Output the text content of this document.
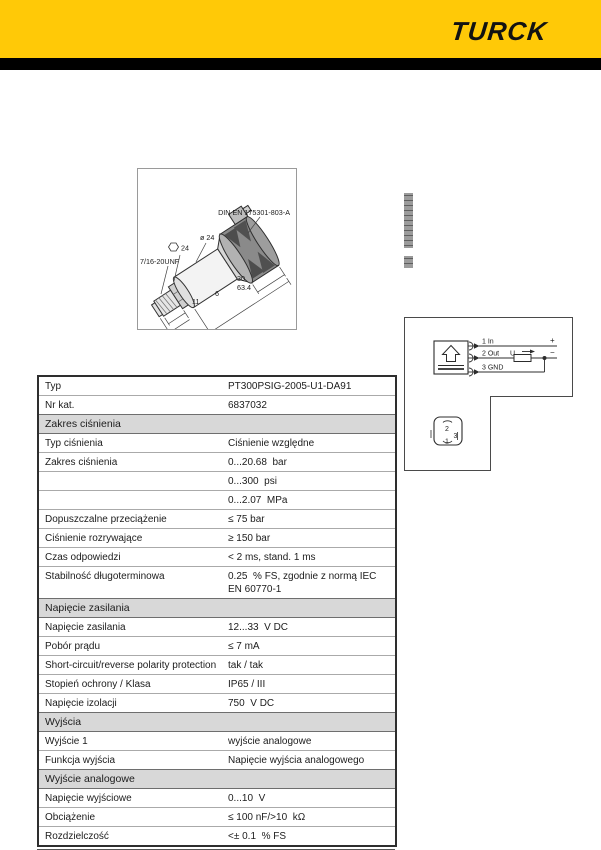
TURCK
DIN EN 175301-803-A
ø 24
24
7/16-20UNF
30
63.4
6
11
1 In
2 Out U
3 GND
+
−
2
3
1
Typ	PT300PSIG-2005-U1-DA91
Nr kat.	6837032
Zakres ciśnienia	
Typ ciśnienia	Ciśnienie względne
Zakres ciśnienia	0...20.68  bar
	0...300  psi
	0...2.07  MPa
Dopuszczalne przeciążenie	≤ 75 bar
Ciśnienie rozrywające	≥ 150 bar
Czas odpowiedzi	< 2 ms, stand. 1 ms
Stabilność długoterminowa	0.25  % FS, zgodnie z normą IEC EN 60770-1
Napięcie zasilania	
Napięcie zasilania	12...33  V DC
Pobór prądu	≤ 7 mA
Short-circuit/reverse polarity protection	tak / tak
Stopień ochrony / Klasa	IP65 / III
Napięcie izolacji	750  V DC
Wyjścia	
Wyjście 1	wyjście analogowe
Funkcja wyjścia	Napięcie wyjścia analogowego
Wyjście analogowe	
Napięcie wyjściowe	0...10  V
Obciążenie	≤ 100 nF/>10  kΩ
Rozdzielczość	<± 0.1  % FS
